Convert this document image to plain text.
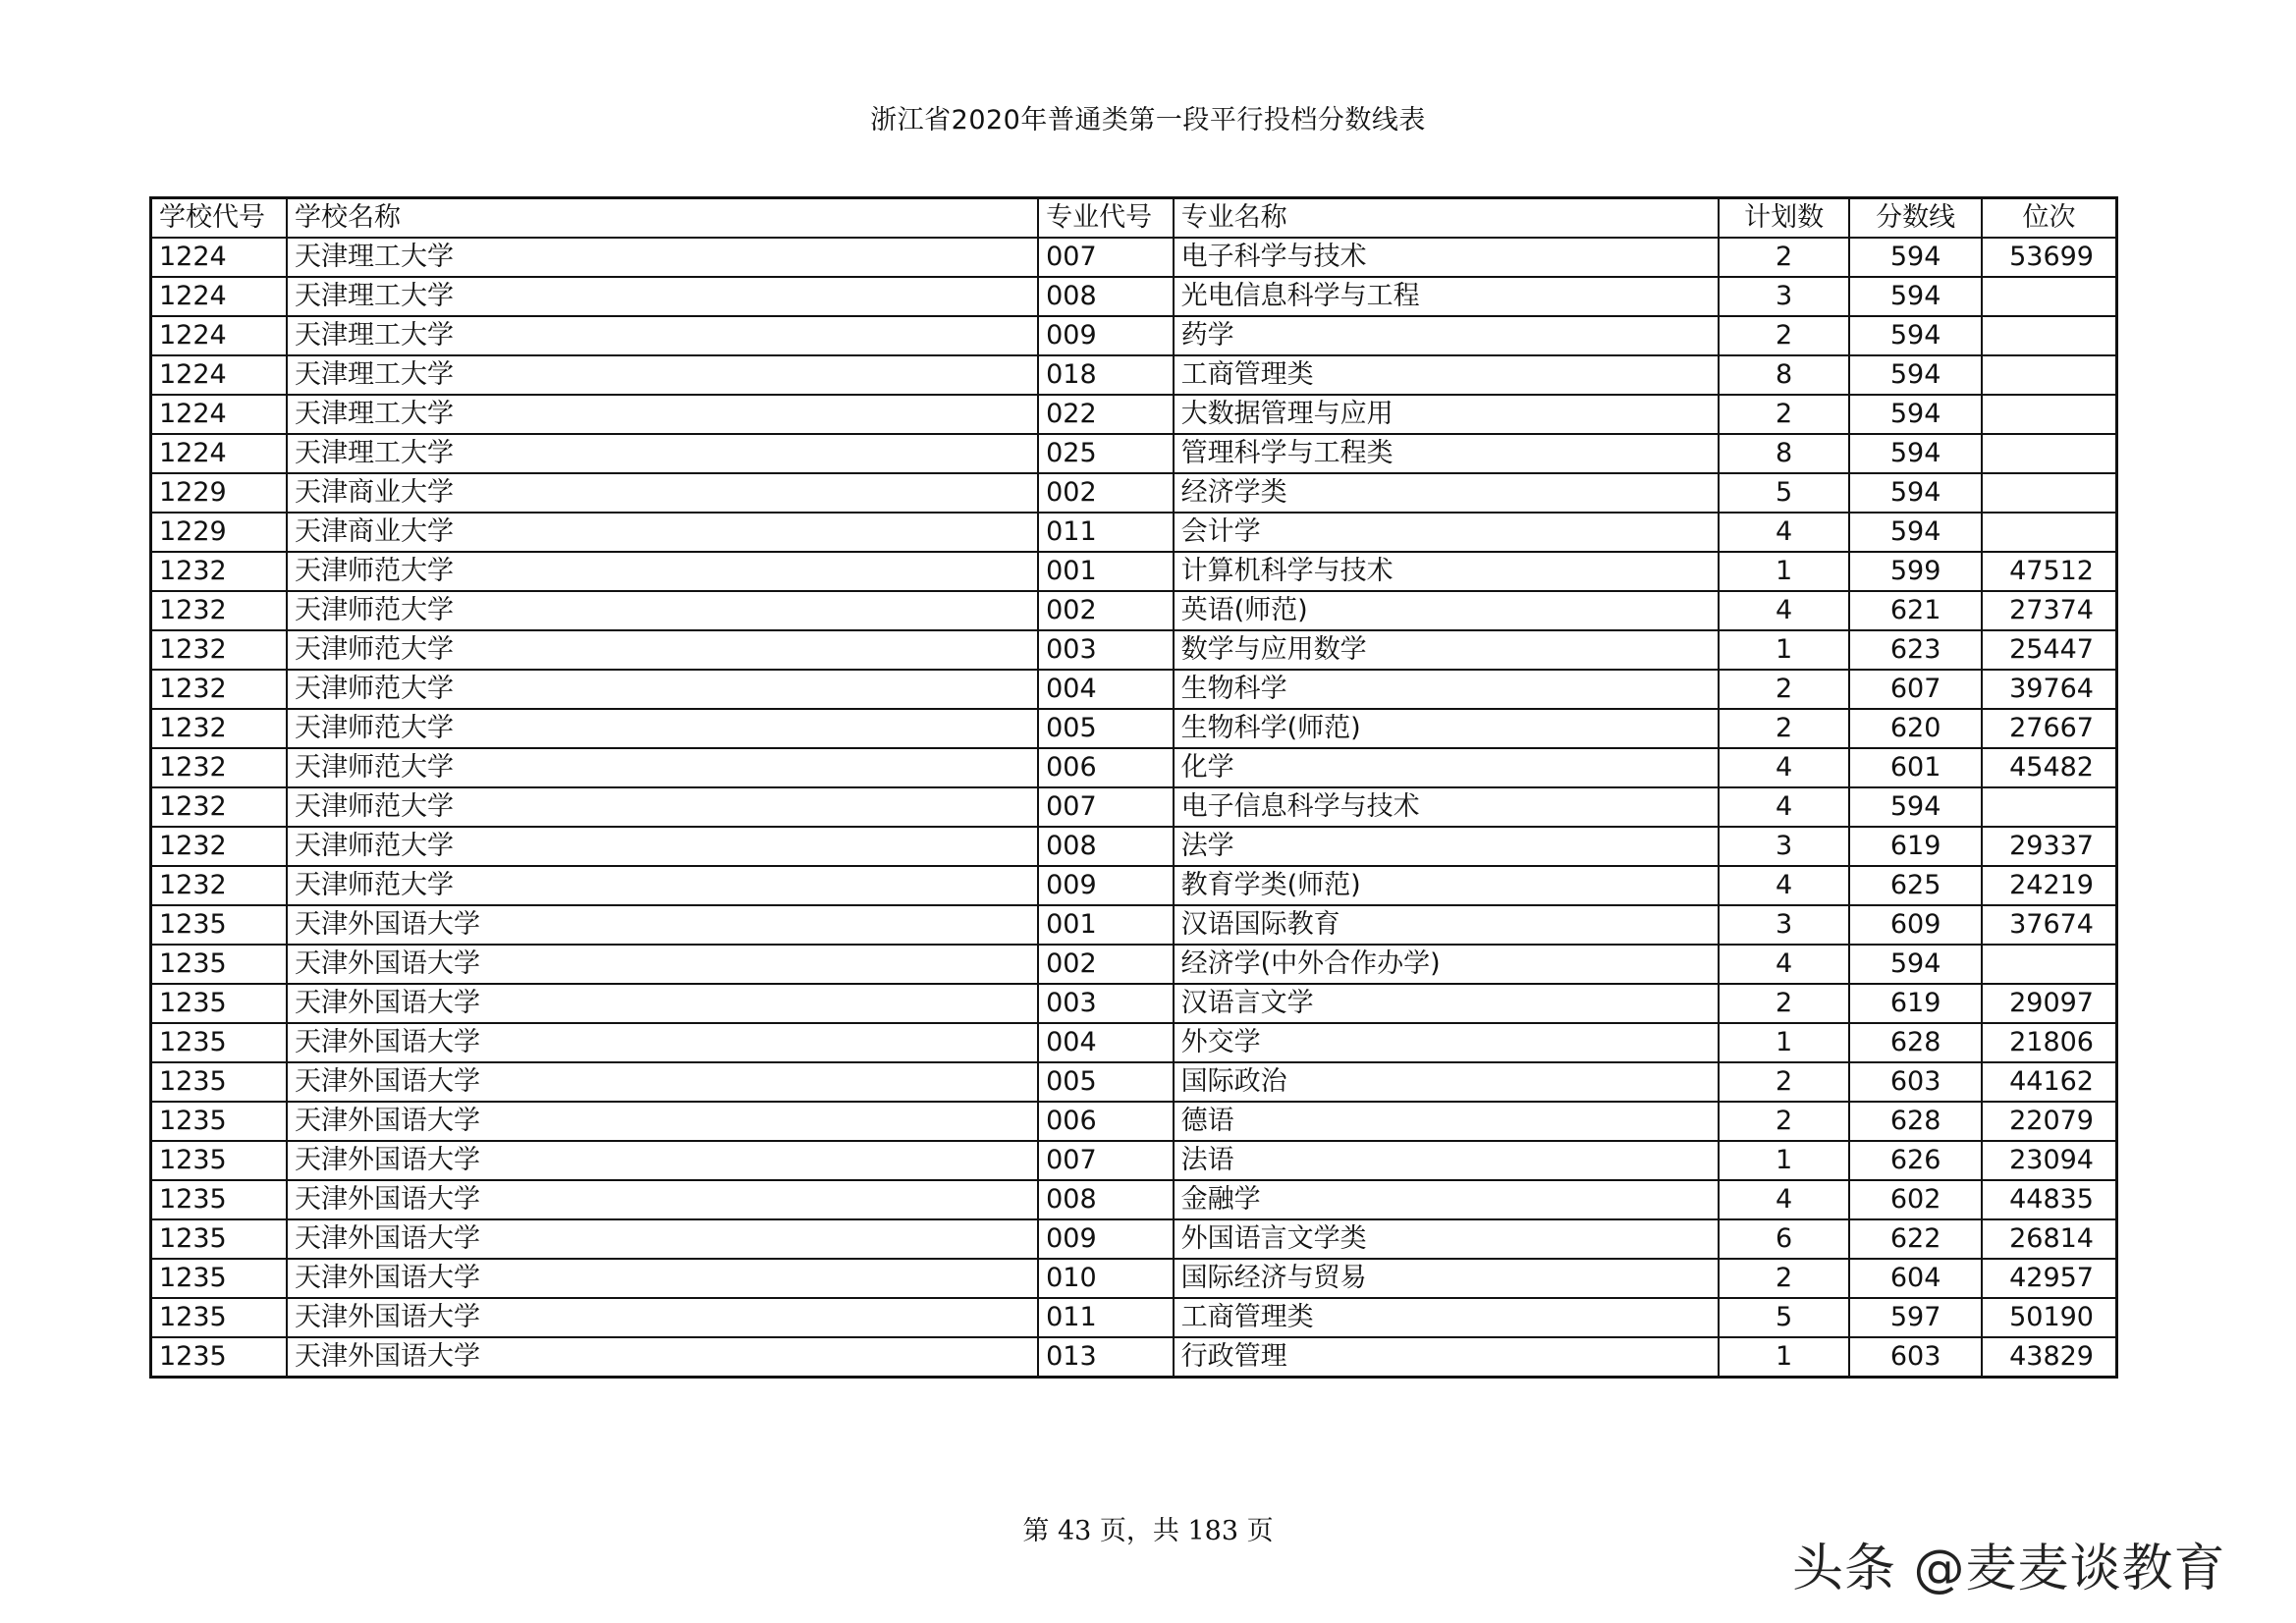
浙江省2020年普通类第一段平行投档分数线表
学校代号	学校名称	专业代号	专业名称	计划数	分数线	位次
1224	天津理工大学	007	电子科学与技术	2	594	53699
1224	天津理工大学	008	光电信息科学与工程	3	594	
1224	天津理工大学	009	药学	2	594	
1224	天津理工大学	018	工商管理类	8	594	
1224	天津理工大学	022	大数据管理与应用	2	594	
1224	天津理工大学	025	管理科学与工程类	8	594	
1229	天津商业大学	002	经济学类	5	594	
1229	天津商业大学	011	会计学	4	594	
1232	天津师范大学	001	计算机科学与技术	1	599	47512
1232	天津师范大学	002	英语(师范)	4	621	27374
1232	天津师范大学	003	数学与应用数学	1	623	25447
1232	天津师范大学	004	生物科学	2	607	39764
1232	天津师范大学	005	生物科学(师范)	2	620	27667
1232	天津师范大学	006	化学	4	601	45482
1232	天津师范大学	007	电子信息科学与技术	4	594	
1232	天津师范大学	008	法学	3	619	29337
1232	天津师范大学	009	教育学类(师范)	4	625	24219
1235	天津外国语大学	001	汉语国际教育	3	609	37674
1235	天津外国语大学	002	经济学(中外合作办学)	4	594	
1235	天津外国语大学	003	汉语言文学	2	619	29097
1235	天津外国语大学	004	外交学	1	628	21806
1235	天津外国语大学	005	国际政治	2	603	44162
1235	天津外国语大学	006	德语	2	628	22079
1235	天津外国语大学	007	法语	1	626	23094
1235	天津外国语大学	008	金融学	4	602	44835
1235	天津外国语大学	009	外国语言文学类	6	622	26814
1235	天津外国语大学	010	国际经济与贸易	2	604	42957
1235	天津外国语大学	011	工商管理类	5	597	50190
1235	天津外国语大学	013	行政管理	1	603	43829
第 43 页，共 183 页
头条 @麦麦谈教育
